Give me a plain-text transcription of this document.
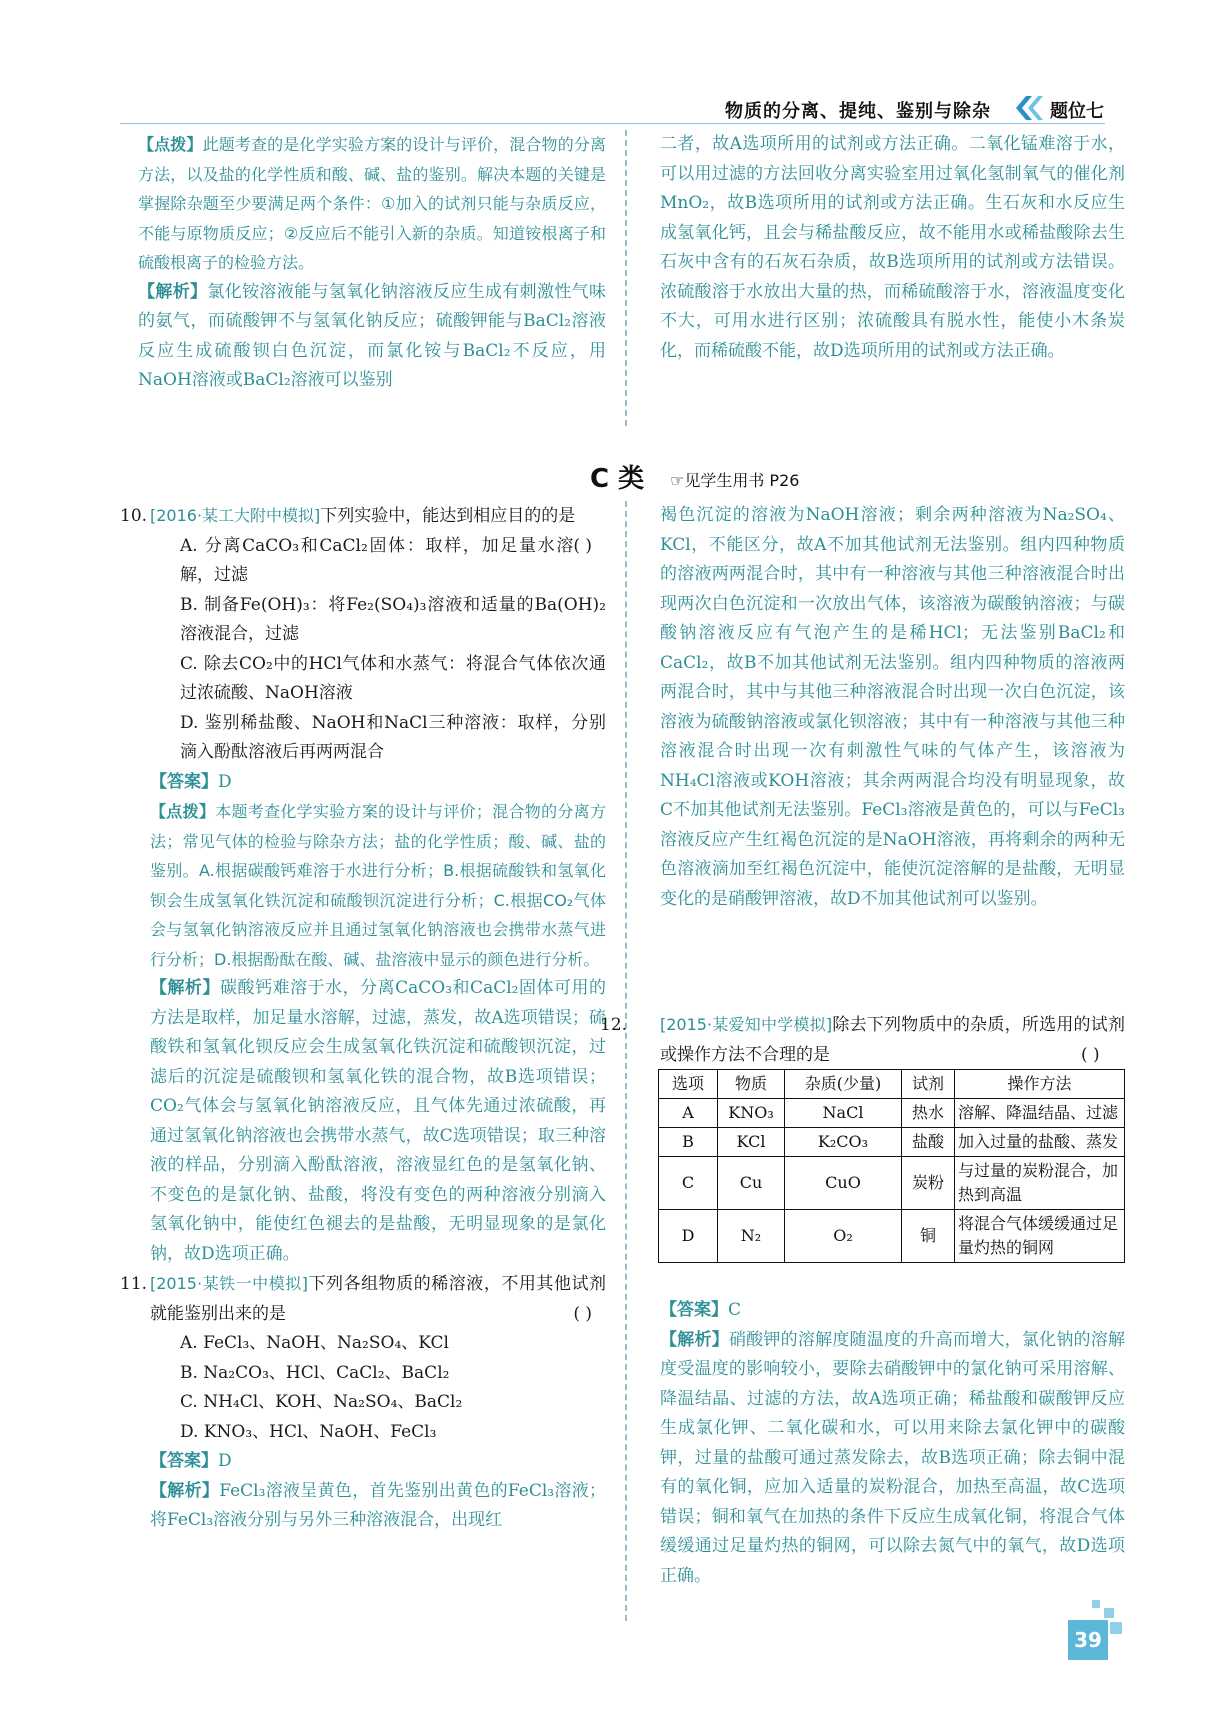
物质的分离、提纯、鉴别与除杂	题位七

【点拨】此题考查的是化学实验方案的设计与评价，混合物的分离方法，以及盐的化学性质和酸、碱、盐的鉴别。解决本题的关键是掌握除杂题至少要满足两个条件：①加入的试剂只能与杂质反应，不能与原物质反应；②反应后不能引入新的杂质。知道铵根离子和硫酸根离子的检验方法。

【解析】氯化铵溶液能与氢氧化钠溶液反应生成有刺激性气味的氨气，而硫酸钾不与氢氧化钠反应；硫酸钾能与BaCl₂溶液反应生成硫酸钡白色沉淀，而氯化铵与BaCl₂不反应，用NaOH溶液或BaCl₂溶液可以鉴别

二者，故A选项所用的试剂或方法正确。二氧化锰难溶于水，可以用过滤的方法回收分离实验室用过氧化氢制氧气的催化剂MnO₂，故B选项所用的试剂或方法正确。生石灰和水反应生成氢氧化钙，且会与稀盐酸反应，故不能用水或稀盐酸除去生石灰中含有的石灰石杂质，故B选项所用的试剂或方法错误。浓硫酸溶于水放出大量的热，而稀硫酸溶于水，溶液温度变化不大，可用水进行区别；浓硫酸具有脱水性，能使小木条炭化，而稀硫酸不能，故D选项所用的试剂或方法正确。
C 类 ☞见学生用书 P26

10. [2016·某工大附中模拟]下列实验中，能达到相应目的的是
( )

A. 分离CaCO₃和CaCl₂固体：取样，加足量水溶解，过滤

B. 制备Fe(OH)₃：将Fe₂(SO₄)₃溶液和适量的Ba(OH)₂溶液混合，过滤

C. 除去CO₂中的HCl气体和水蒸气：将混合气体依次通过浓硫酸、NaOH溶液

D. 鉴别稀盐酸、NaOH和NaCl三种溶液：取样，分别滴入酚酞溶液后再两两混合

【答案】D

【点拨】本题考查化学实验方案的设计与评价；混合物的分离方法；常见气体的检验与除杂方法；盐的化学性质；酸、碱、盐的鉴别。A.根据碳酸钙难溶于水进行分析；B.根据硫酸铁和氢氧化钡会生成氢氧化铁沉淀和硫酸钡沉淀进行分析；C.根据CO₂气体会与氢氧化钠溶液反应并且通过氢氧化钠溶液也会携带水蒸气进行分析；D.根据酚酞在酸、碱、盐溶液中显示的颜色进行分析。

【解析】碳酸钙难溶于水，分离CaCO₃和CaCl₂固体可用的方法是取样，加足量水溶解，过滤，蒸发，故A选项错误；硫酸铁和氢氧化钡反应会生成氢氧化铁沉淀和硫酸钡沉淀，过滤后的沉淀是硫酸钡和氢氧化铁的混合物，故B选项错误；CO₂气体会与氢氧化钠溶液反应，且气体先通过浓硫酸，再通过氢氧化钠溶液也会携带水蒸气，故C选项错误；取三种溶液的样品，分别滴入酚酞溶液，溶液显红色的是氢氧化钠、不变色的是氯化钠、盐酸，将没有变色的两种溶液分别滴入氢氧化钠中，能使红色褪去的是盐酸，无明显现象的是氯化钠，故D选项正确。

11. [2015·某铁一中模拟]下列各组物质的稀溶液，不用其他试剂就能鉴别出来的是	( )

A. FeCl₃、NaOH、Na₂SO₄、KCl

B. Na₂CO₃、HCl、CaCl₂、BaCl₂

C. NH₄Cl、KOH、Na₂SO₄、BaCl₂

D. KNO₃、HCl、NaOH、FeCl₃

【答案】D

【解析】FeCl₃溶液呈黄色，首先鉴别出黄色的FeCl₃溶液；将FeCl₃溶液分别与另外三种溶液混合，出现红

褐色沉淀的溶液为NaOH溶液；剩余两种溶液为Na₂SO₄、KCl，不能区分，故A不加其他试剂无法鉴别。组内四种物质的溶液两两混合时，其中有一种溶液与其他三种溶液混合时出现两次白色沉淀和一次放出气体，该溶液为碳酸钠溶液；与碳酸钠溶液反应有气泡产生的是稀HCl；无法鉴别BaCl₂和CaCl₂，故B不加其他试剂无法鉴别。组内四种物质的溶液两两混合时，其中与其他三种溶液混合时出现一次白色沉淀，该溶液为硫酸钠溶液或氯化钡溶液；其中有一种溶液与其他三种溶液混合时出现一次有刺激性气味的气体产生，该溶液为NH₄Cl溶液或KOH溶液；其余两两混合均没有明显现象，故C不加其他试剂无法鉴别。FeCl₃溶液是黄色的，可以与FeCl₃溶液反应产生红褐色沉淀的是NaOH溶液，再将剩余的两种无色溶液滴加至红褐色沉淀中，能使沉淀溶解的是盐酸，无明显变化的是硝酸钾溶液，故D不加其他试剂可以鉴别。

12. [2015·某爱知中学模拟]除去下列物质中的杂质，所选用的试剂或操作方法不合理的是	( )

选项	物质	杂质(少量)	试剂	操作方法
A	KNO₃	NaCl	热水	溶解、降温结晶、过滤
B	KCl	K₂CO₃	盐酸	加入过量的盐酸、蒸发
C	Cu	CuO	炭粉	与过量的炭粉混合，加热到高温
D	N₂	O₂	铜	将混合气体缓缓通过足量灼热的铜网

【答案】C

【解析】硝酸钾的溶解度随温度的升高而增大，氯化钠的溶解度受温度的影响较小，要除去硝酸钾中的氯化钠可采用溶解、降温结晶、过滤的方法，故A选项正确；稀盐酸和碳酸钾反应生成氯化钾、二氧化碳和水，可以用来除去氯化钾中的碳酸钾，过量的盐酸可通过蒸发除去，故B选项正确；除去铜中混有的氧化铜，应加入适量的炭粉混合，加热至高温，故C选项错误；铜和氧气在加热的条件下反应生成氧化铜，将混合气体缓缓通过足量灼热的铜网，可以除去氮气中的氧气，故D选项正确。

39
